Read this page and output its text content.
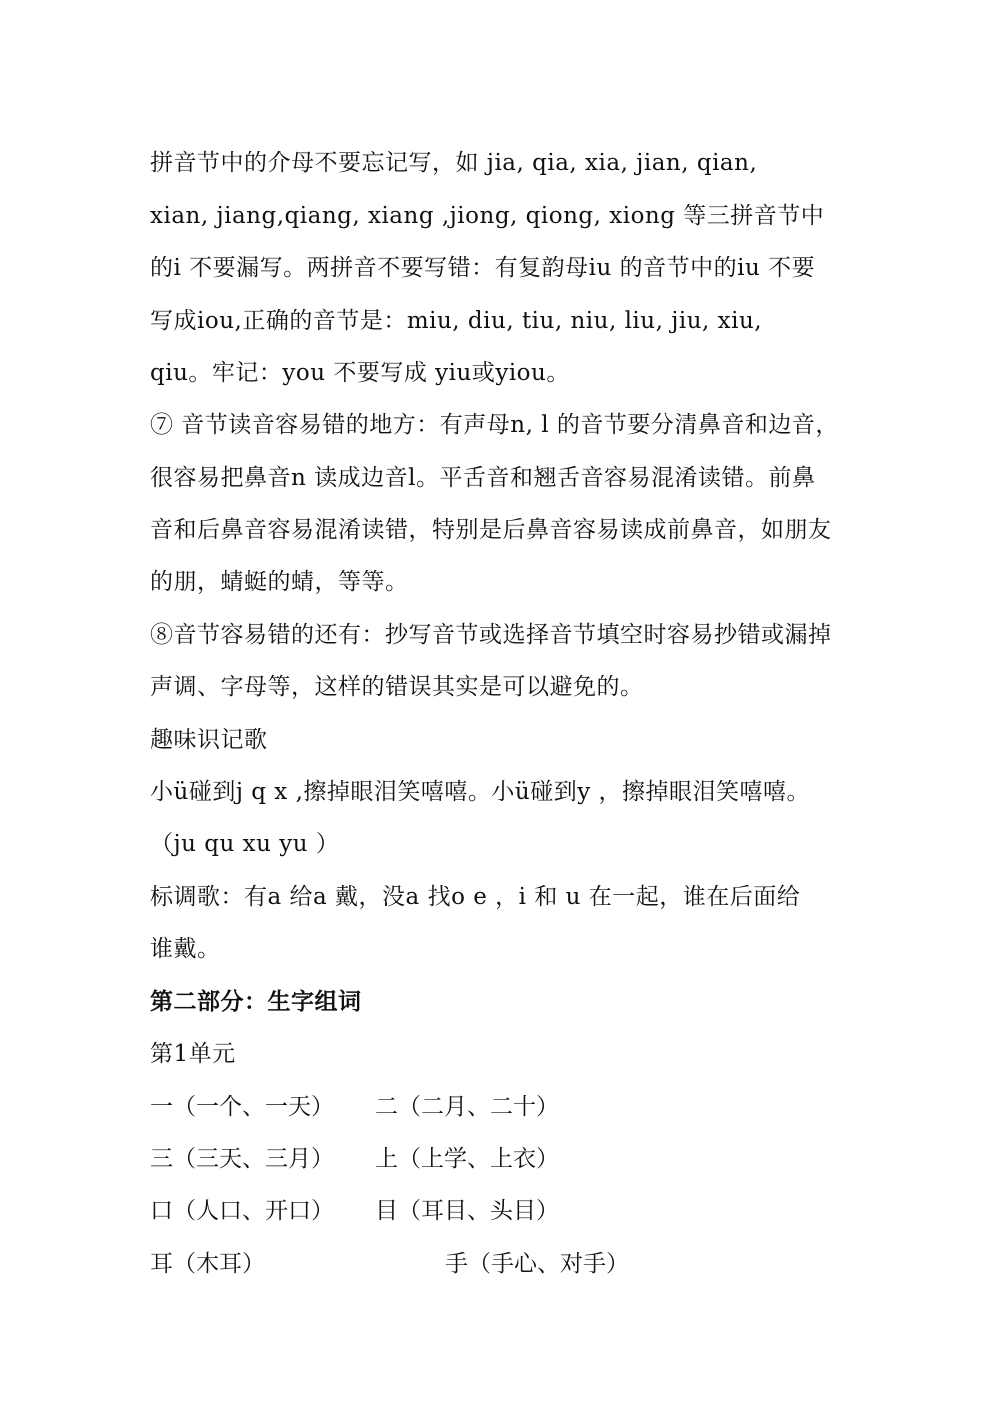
拼音节中的介母不要忘记写，如 jia, qia, xia, jian, qian,
xian, jiang,qiang, xiang ,jiong, qiong, xiong 等三拼音节中
的i 不要漏写。两拼音不要写错：有复韵母iu 的音节中的iu 不要
写成iou,正确的音节是：miu, diu, tiu, niu, liu, jiu, xiu,
qiu。牢记：you 不要写成 yiu或yiou。
⑦ 音节读音容易错的地方：有声母n, l 的音节要分清鼻音和边音，
很容易把鼻音n 读成边音l。平舌音和翘舌音容易混淆读错。前鼻
音和后鼻音容易混淆读错，特别是后鼻音容易读成前鼻音，如朋友
的朋，蜻蜓的蜻，等等。
⑧音节容易错的还有：抄写音节或选择音节填空时容易抄错或漏掉
声调、字母等，这样的错误其实是可以避免的。
趣味识记歌
小ü碰到j q x ,擦掉眼泪笑嘻嘻。小ü碰到y ，擦掉眼泪笑嘻嘻。
（ju qu xu yu ）
标调歌：有a 给a 戴，没a 找o e ，i 和 u 在一起，谁在后面给
谁戴。
第二部分：生字组词
第1单元
一（一个、一天） 二（二月、二十）
三（三天、三月） 上（上学、上衣）
口（人口、开口） 目（耳目、头目）
耳（木耳）	手（手心、对手）
